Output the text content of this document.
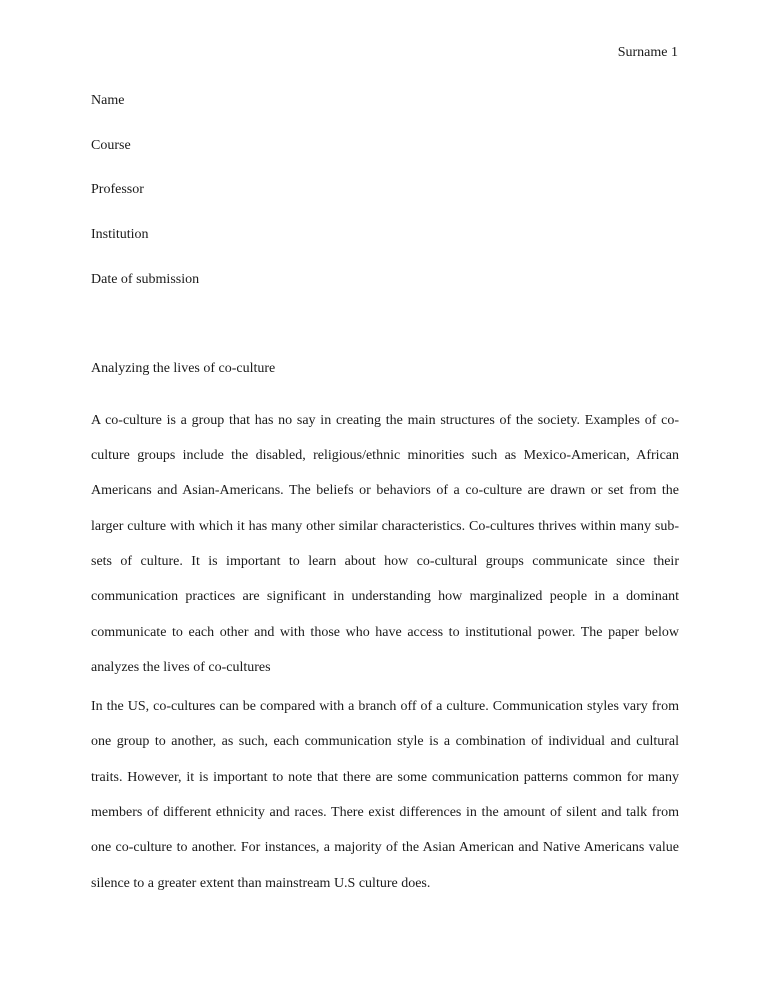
Surname 1

Name

Course

Professor

Institution

Date of submission

Analyzing the lives of co-culture

A co-culture is a group that has no say in creating the main structures of the society. Examples of co-culture groups include the disabled, religious/ethnic minorities such as Mexico-American, African Americans and Asian-Americans. The beliefs or behaviors of a co-culture are drawn or set from the larger culture with which it has many other similar characteristics. Co-cultures thrives within many sub-sets of culture. It is important to learn about how co-cultural groups communicate since their communication practices are significant in understanding how marginalized people in a dominant communicate to each other and with those who have access to institutional power. The paper below analyzes the lives of co-cultures

In the US, co-cultures can be compared with a branch off of a culture. Communication styles vary from one group to another, as such, each communication style is a combination of individual and cultural traits. However, it is important to note that there are some communication patterns common for many members of different ethnicity and races. There exist differences in the amount of silent and talk from one co-culture to another. For instances, a majority of the Asian American and Native Americans value silence to a greater extent than mainstream U.S culture does.
